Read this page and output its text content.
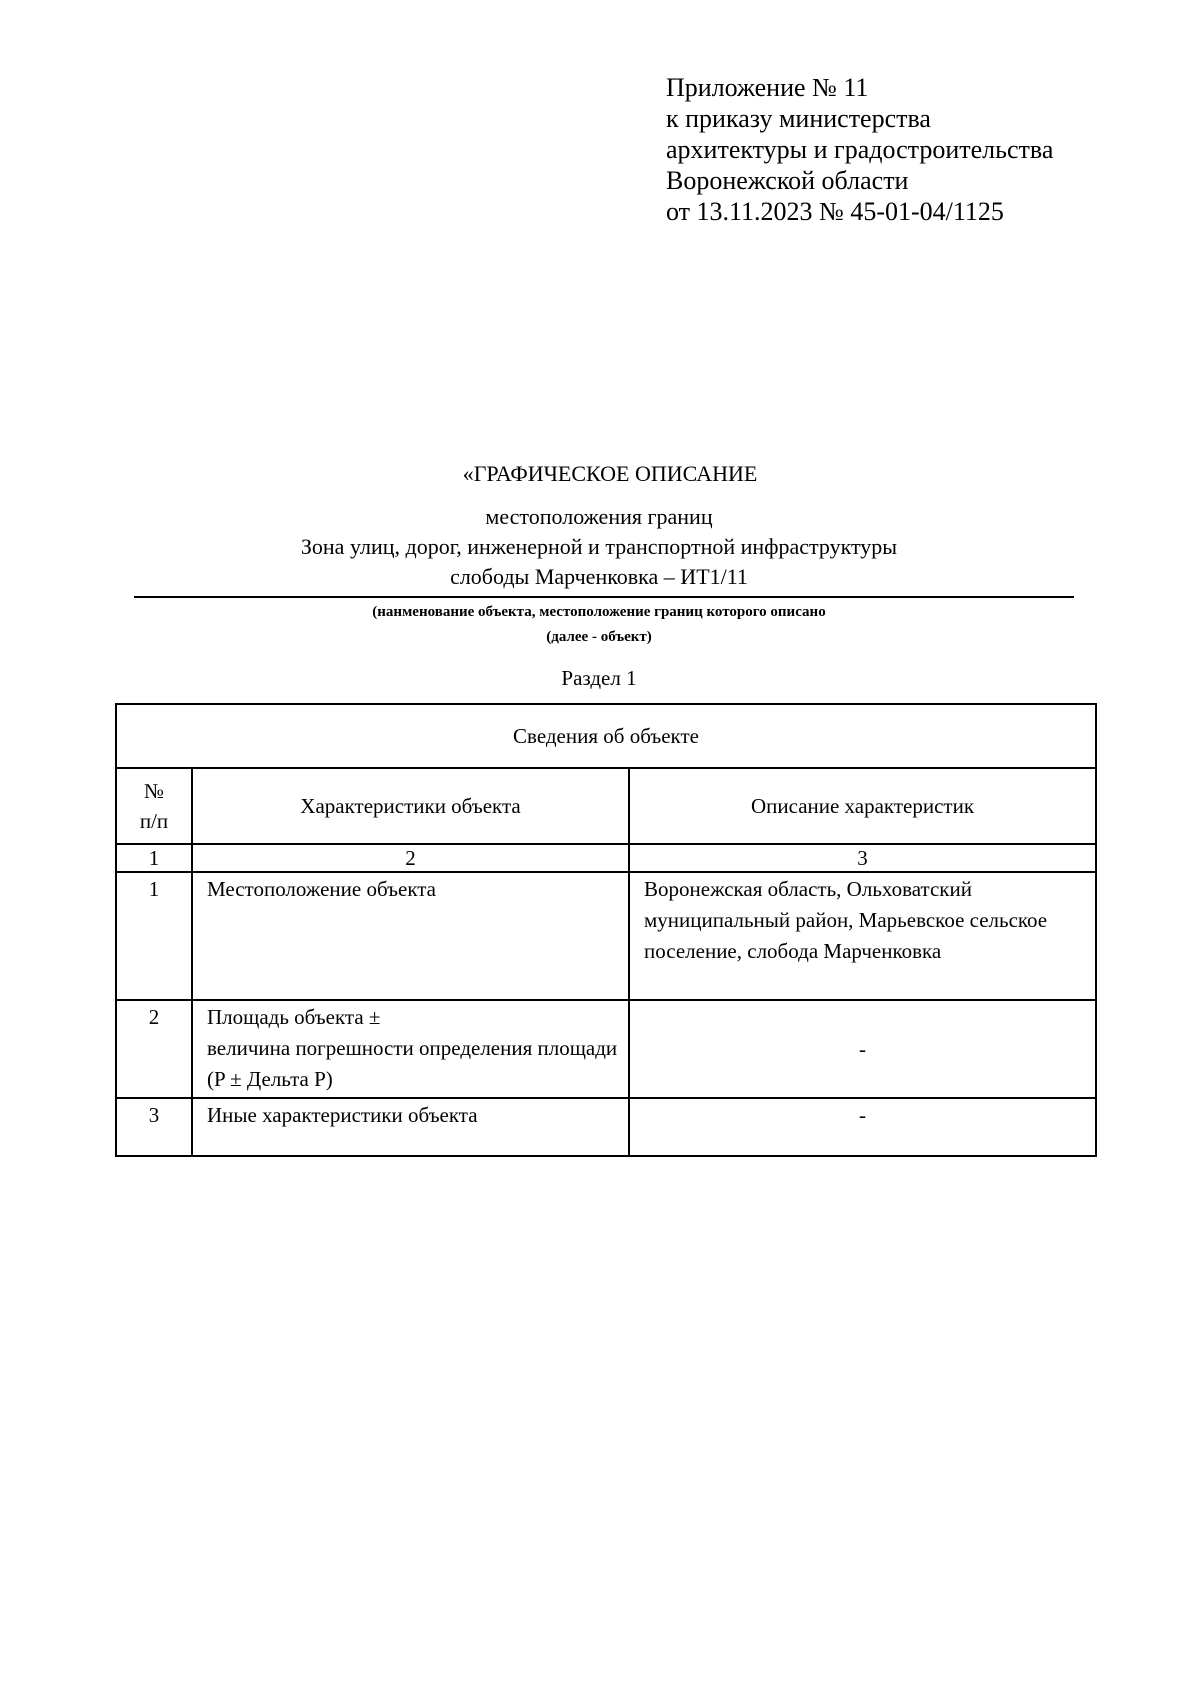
Приложение № 11
к приказу министерства
архитектуры и градостроительства
Воронежской области
от 13.11.2023 № 45-01-04/1125
«ГРАФИЧЕСКОЕ ОПИСАНИЕ
местоположения границ
Зона улиц, дорог, инженерной и транспортной инфраструктуры
слободы Марченковка – ИТ1/11
(нанменование объекта, местоположение границ которого описано
(далее - объект)
Раздел 1
Сведения об объекте		

№
п/п	Характеристики объекта	Описание характеристик
1	2	3
1	Местоположение объекта	Воронежская область, Ольховатский муниципальный район, Марьевское сельское поселение, слобода Марченковка
2	Площадь объекта ±
величина погрешности определения площади (P ± Дельта P)	-
3	Иные характеристики объекта	-
